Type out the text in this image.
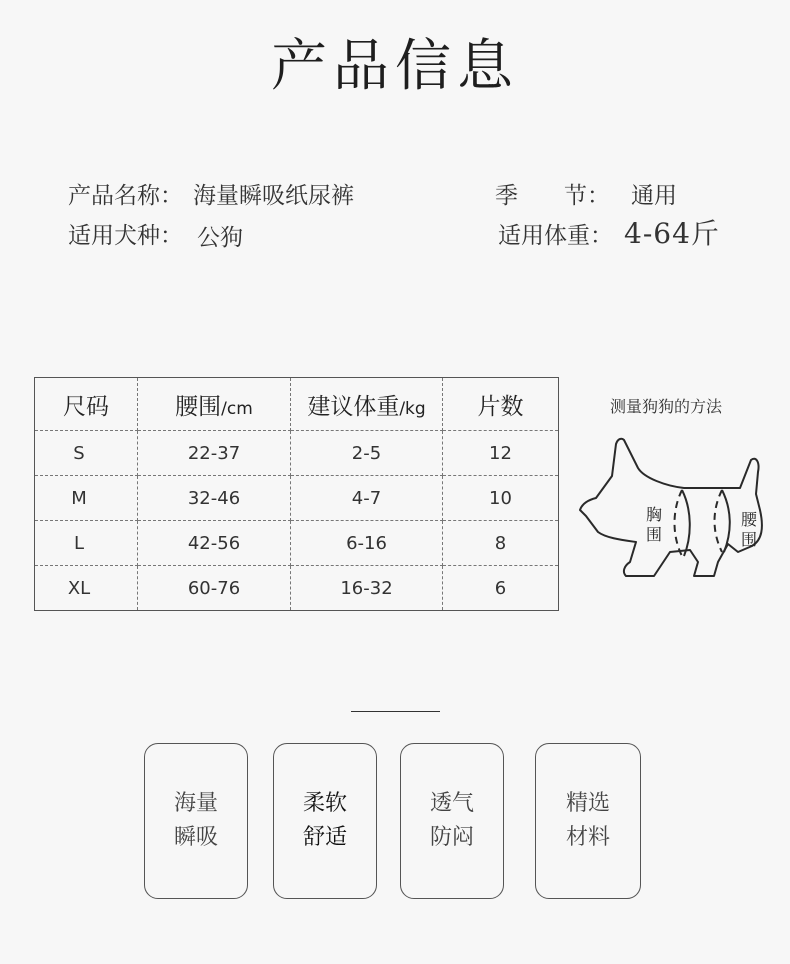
产品信息
产品名称： 海量瞬吸纸尿裤	季　　节： 通用
适用犬种： 公狗	适用体重： 4-64斤
尺码	腰围/cm	建议体重/kg	片数
S	22-37	2-5	12
M	32-46	4-7	10
L	42-56	6-16	8
XL	60-76	16-32	6
测量狗狗的方法
胸
围
腰
围
海量
瞬吸
柔软
舒适
透气
防闷
精选
材料
